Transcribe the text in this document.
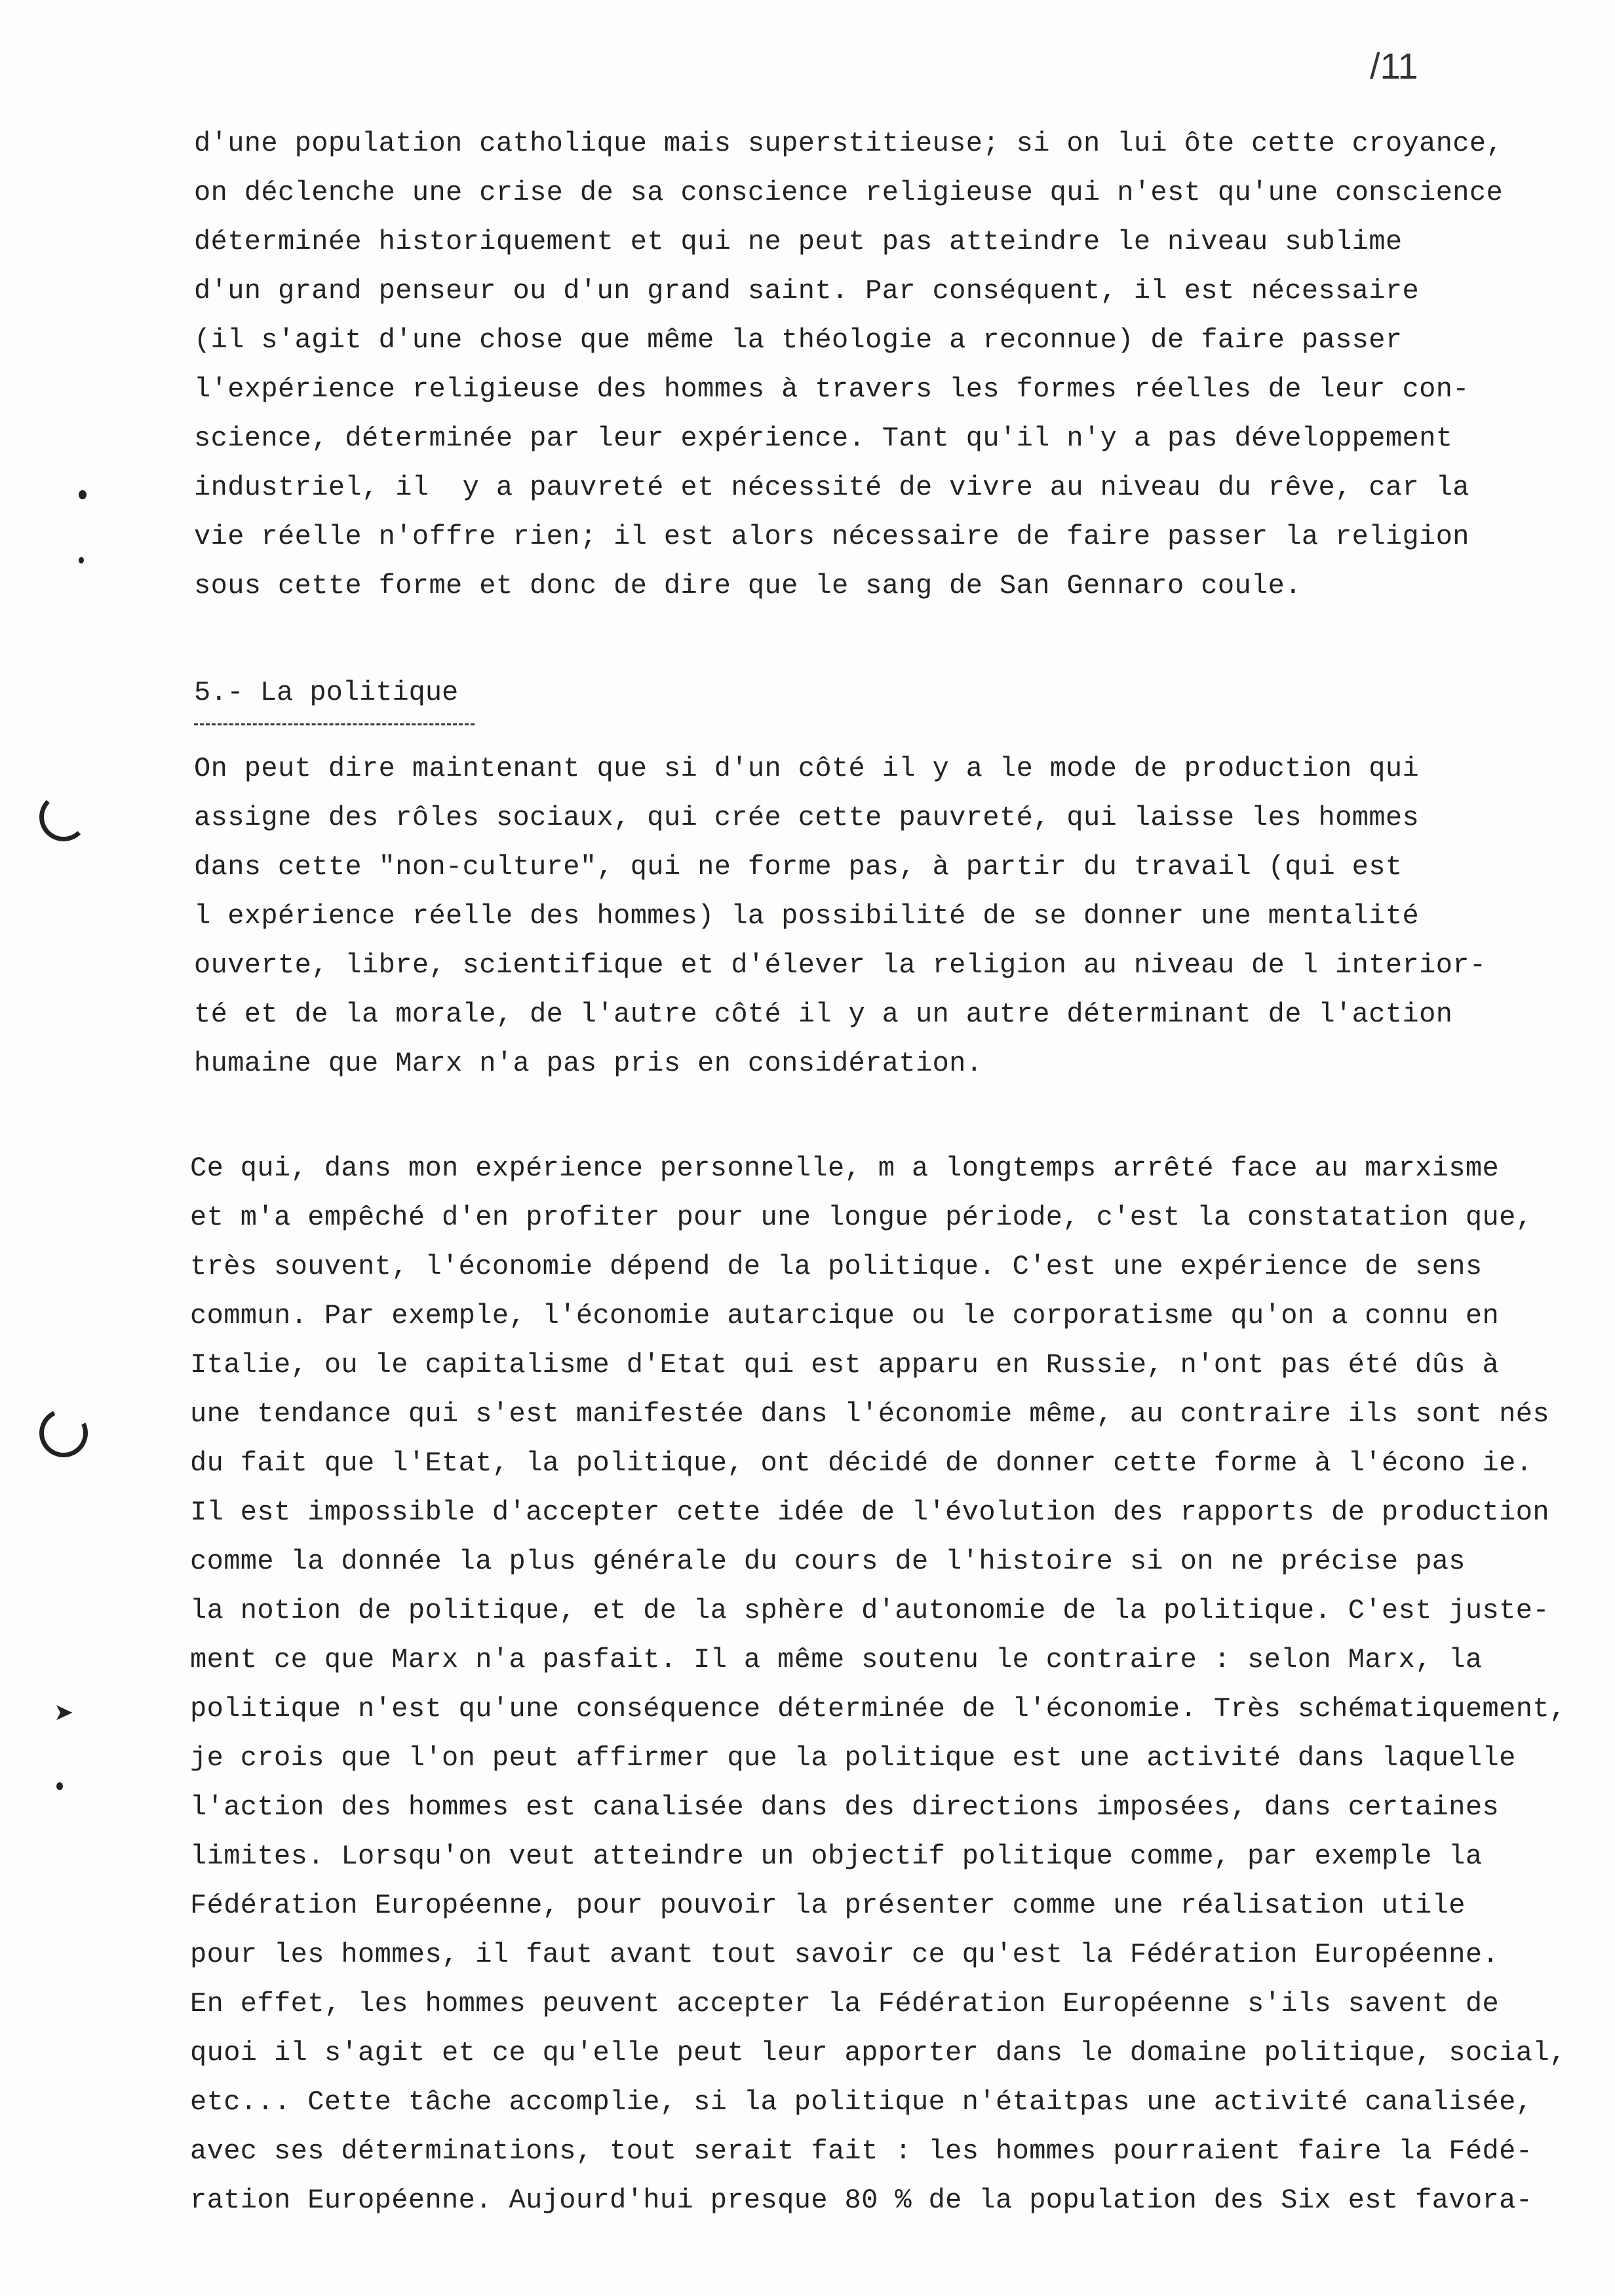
/11
d'une population catholique mais superstitieuse; si on lui ôte cette croyance,
on déclenche une crise de sa conscience religieuse qui n'est qu'une conscience
déterminée historiquement et qui ne peut pas atteindre le niveau sublime
d'un grand penseur ou d'un grand saint. Par conséquent, il est nécessaire
(il s'agit d'une chose que même la théologie a reconnue) de faire passer
l'expérience religieuse des hommes à travers les formes réelles de leur con-
science, déterminée par leur expérience. Tant qu'il n'y a pas développement
industriel, il  y a pauvreté et nécessité de vivre au niveau du rêve, car la
vie réelle n'offre rien; il est alors nécessaire de faire passer la religion
sous cette forme et donc de dire que le sang de San Gennaro coule.
5.- La politique
On peut dire maintenant que si d'un côté il y a le mode de production qui
assigne des rôles sociaux, qui crée cette pauvreté, qui laisse les hommes
dans cette "non-culture", qui ne forme pas, à partir du travail (qui est
l expérience réelle des hommes) la possibilité de se donner une mentalité
ouverte, libre, scientifique et d'élever la religion au niveau de l interior-
té et de la morale, de l'autre côté il y a un autre déterminant de l'action
humaine que Marx n'a pas pris en considération.
Ce qui, dans mon expérience personnelle, m a longtemps arrêté face au marxisme
et m'a empêché d'en profiter pour une longue période, c'est la constatation que,
très souvent, l'économie dépend de la politique. C'est une expérience de sens
commun. Par exemple, l'économie autarcique ou le corporatisme qu'on a connu en
Italie, ou le capitalisme d'Etat qui est apparu en Russie, n'ont pas été dûs à
une tendance qui s'est manifestée dans l'économie même, au contraire ils sont nés
du fait que l'Etat, la politique, ont décidé de donner cette forme à l'écono ie.
Il est impossible d'accepter cette idée de l'évolution des rapports de production
comme la donnée la plus générale du cours de l'histoire si on ne précise pas
la notion de politique, et de la sphère d'autonomie de la politique. C'est juste-
ment ce que Marx n'a pasfait. Il a même soutenu le contraire : selon Marx, la
politique n'est qu'une conséquence déterminée de l'économie. Très schématiquement,
je crois que l'on peut affirmer que la politique est une activité dans laquelle
l'action des hommes est canalisée dans des directions imposées, dans certaines
limites. Lorsqu'on veut atteindre un objectif politique comme, par exemple la
Fédération Européenne, pour pouvoir la présenter comme une réalisation utile
pour les hommes, il faut avant tout savoir ce qu'est la Fédération Européenne.
En effet, les hommes peuvent accepter la Fédération Européenne s'ils savent de
quoi il s'agit et ce qu'elle peut leur apporter dans le domaine politique, social,
etc... Cette tâche accomplie, si la politique n'étaitpas une activité canalisée,
avec ses déterminations, tout serait fait : les hommes pourraient faire la Fédé-
ration Européenne. Aujourd'hui presque 80 % de la population des Six est favora-
➤
